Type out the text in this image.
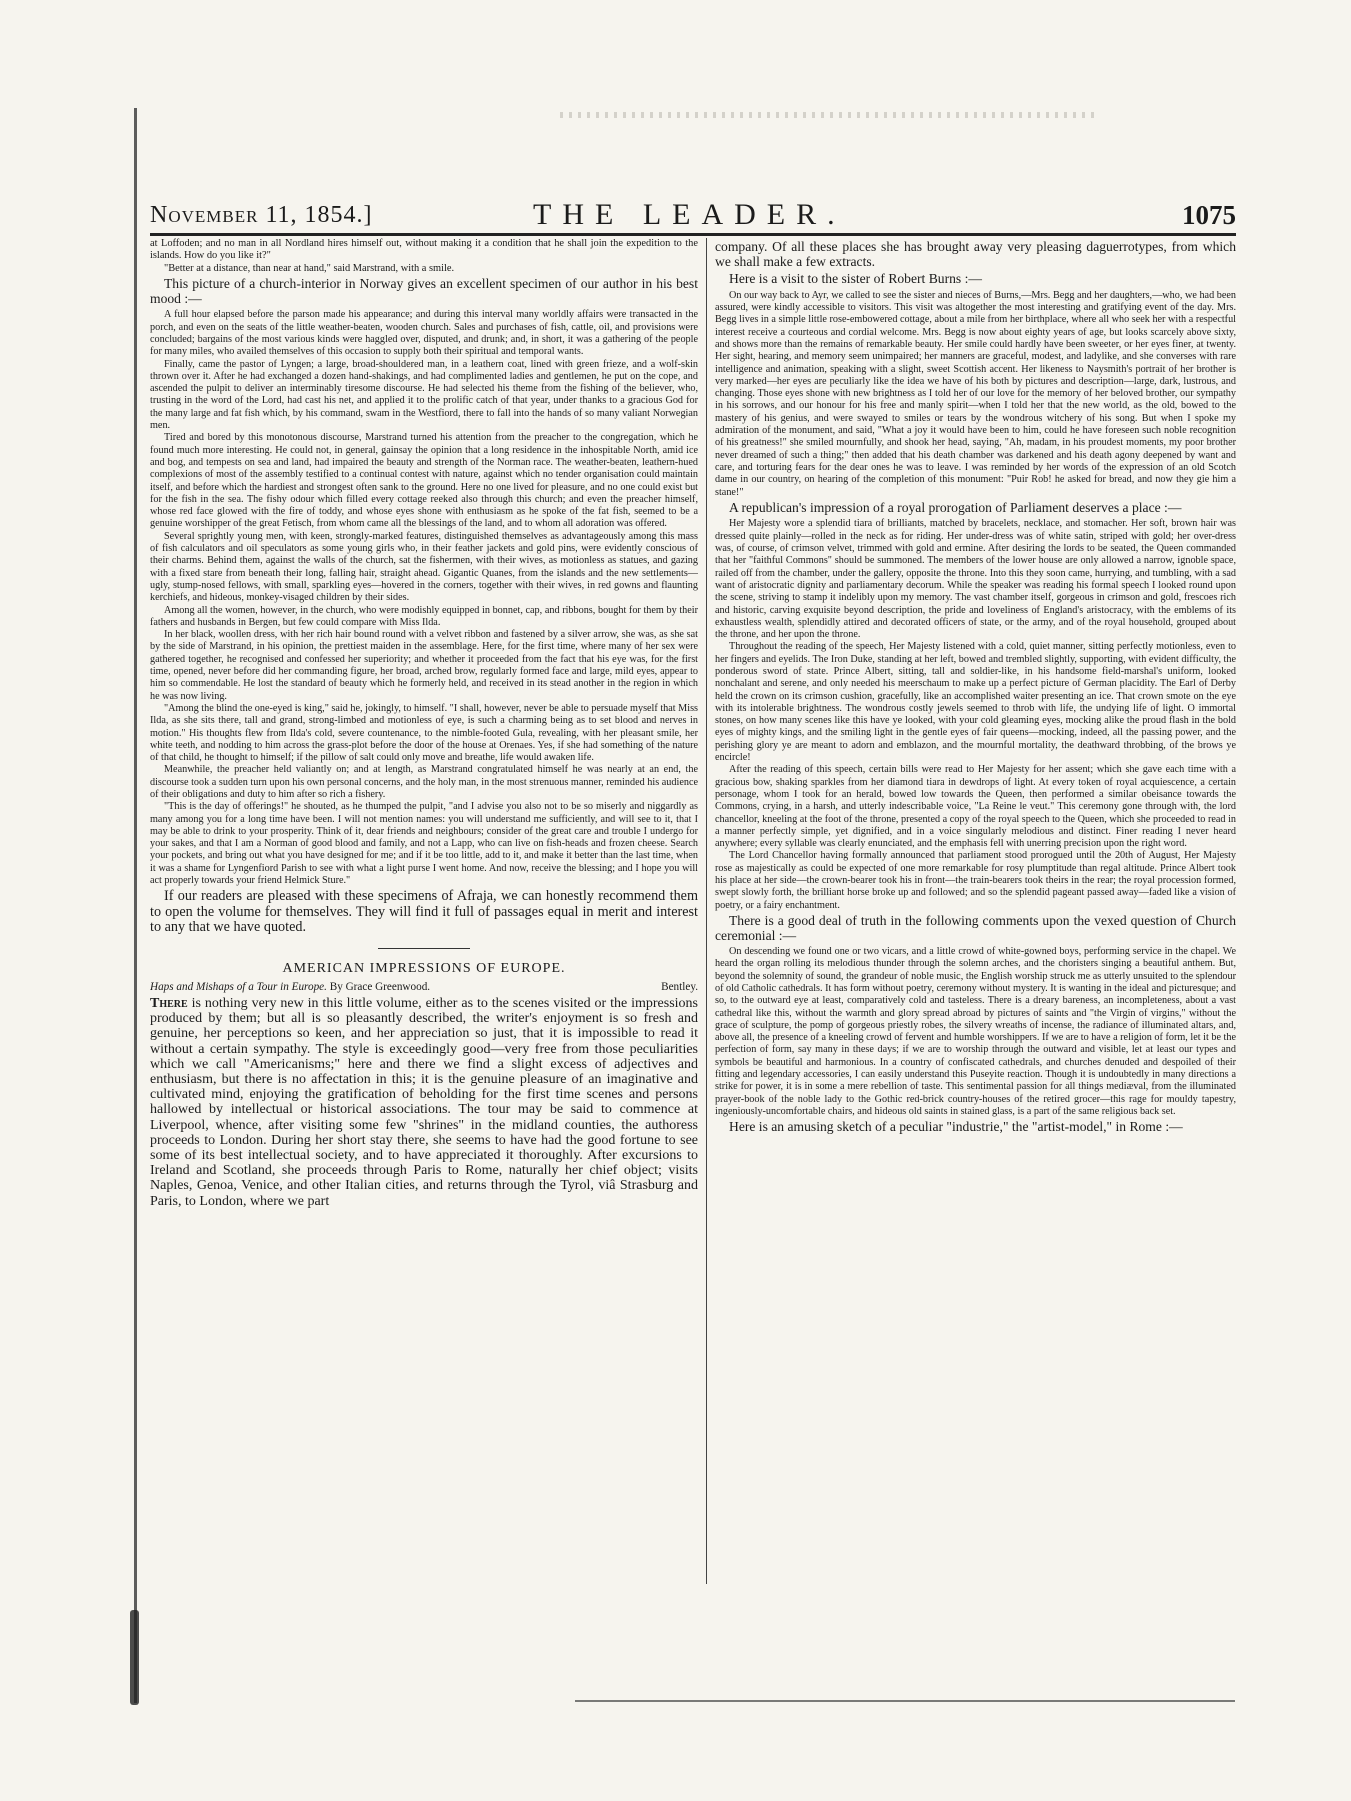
November 11, 1854.]	THE LEADER.	1075

at Loffoden; and no man in all Nordland hires himself out, without making it a condition that he shall join the expedition to the islands. How do you like it?"

"Better at a distance, than near at hand," said Marstrand, with a smile.

This picture of a church-interior in Norway gives an excellent specimen of our author in his best mood :—

A full hour elapsed before the parson made his appearance; and during this interval many worldly affairs were transacted in the porch, and even on the seats of the little weather-beaten, wooden church. Sales and purchases of fish, cattle, oil, and provisions were concluded; bargains of the most various kinds were haggled over, disputed, and drunk; and, in short, it was a gathering of the people for many miles, who availed themselves of this occasion to supply both their spiritual and temporal wants.

Finally, came the pastor of Lyngen; a large, broad-shouldered man, in a leathern coat, lined with green frieze, and a wolf-skin thrown over it. After he had exchanged a dozen hand-shakings, and had complimented ladies and gentlemen, he put on the cope, and ascended the pulpit to deliver an interminably tiresome discourse. He had selected his theme from the fishing of the believer, who, trusting in the word of the Lord, had cast his net, and applied it to the prolific catch of that year, under thanks to a gracious God for the many large and fat fish which, by his command, swam in the Westfiord, there to fall into the hands of so many valiant Norwegian men.

Tired and bored by this monotonous discourse, Marstrand turned his attention from the preacher to the congregation, which he found much more interesting. He could not, in general, gainsay the opinion that a long residence in the inhospitable North, amid ice and bog, and tempests on sea and land, had impaired the beauty and strength of the Norman race. The weather-beaten, leathern-hued complexions of most of the assembly testified to a continual contest with nature, against which no tender organisation could maintain itself, and before which the hardiest and strongest often sank to the ground. Here no one lived for pleasure, and no one could exist but for the fish in the sea. The fishy odour which filled every cottage reeked also through this church; and even the preacher himself, whose red face glowed with the fire of toddy, and whose eyes shone with enthusiasm as he spoke of the fat fish, seemed to be a genuine worshipper of the great Fetisch, from whom came all the blessings of the land, and to whom all adoration was offered.

Several sprightly young men, with keen, strongly-marked features, distinguished themselves as advantageously among this mass of fish calculators and oil speculators as some young girls who, in their feather jackets and gold pins, were evidently conscious of their charms. Behind them, against the walls of the church, sat the fishermen, with their wives, as motionless as statues, and gazing with a fixed stare from beneath their long, falling hair, straight ahead. Gigantic Quanes, from the islands and the new settlements—ugly, stump-nosed fellows, with small, sparkling eyes—hovered in the corners, together with their wives, in red gowns and flaunting kerchiefs, and hideous, monkey-visaged children by their sides.

Among all the women, however, in the church, who were modishly equipped in bonnet, cap, and ribbons, bought for them by their fathers and husbands in Bergen, but few could compare with Miss Ilda.

In her black, woollen dress, with her rich hair bound round with a velvet ribbon and fastened by a silver arrow, she was, as she sat by the side of Marstrand, in his opinion, the prettiest maiden in the assemblage. Here, for the first time, where many of her sex were gathered together, he recognised and confessed her superiority; and whether it proceeded from the fact that his eye was, for the first time, opened, never before did her commanding figure, her broad, arched brow, regularly formed face and large, mild eyes, appear to him so commendable. He lost the standard of beauty which he formerly held, and received in its stead another in the region in which he was now living.

"Among the blind the one-eyed is king," said he, jokingly, to himself. "I shall, however, never be able to persuade myself that Miss Ilda, as she sits there, tall and grand, strong-limbed and motionless of eye, is such a charming being as to set blood and nerves in motion." His thoughts flew from Ilda's cold, severe countenance, to the nimble-footed Gula, revealing, with her pleasant smile, her white teeth, and nodding to him across the grass-plot before the door of the house at Orenaes. Yes, if she had something of the nature of that child, he thought to himself; if the pillow of salt could only move and breathe, life would awaken life.

Meanwhile, the preacher held valiantly on; and at length, as Marstrand congratulated himself he was nearly at an end, the discourse took a sudden turn upon his own personal concerns, and the holy man, in the most strenuous manner, reminded his audience of their obligations and duty to him after so rich a fishery.

"This is the day of offerings!" he shouted, as he thumped the pulpit, "and I advise you also not to be so miserly and niggardly as many among you for a long time have been. I will not mention names: you will understand me sufficiently, and will see to it, that I may be able to drink to your prosperity. Think of it, dear friends and neighbours; consider of the great care and trouble I undergo for your sakes, and that I am a Norman of good blood and family, and not a Lapp, who can live on fish-heads and frozen cheese. Search your pockets, and bring out what you have designed for me; and if it be too little, add to it, and make it better than the last time, when it was a shame for Lyngenfiord Parish to see with what a light purse I went home. And now, receive the blessing; and I hope you will act properly towards your friend Helmick Sture."

If our readers are pleased with these specimens of Afraja, we can honestly recommend them to open the volume for themselves. They will find it full of passages equal in merit and interest to any that we have quoted.

AMERICAN IMPRESSIONS OF EUROPE.
Haps and Mishaps of a Tour in Europe. By Grace Greenwood.	Bentley.

There is nothing very new in this little volume, either as to the scenes visited or the impressions produced by them; but all is so pleasantly described, the writer's enjoyment is so fresh and genuine, her perceptions so keen, and her appreciation so just, that it is impossible to read it without a certain sympathy. The style is exceedingly good—very free from those peculiarities which we call "Americanisms;" here and there we find a slight excess of adjectives and enthusiasm, but there is no affectation in this; it is the genuine pleasure of an imaginative and cultivated mind, enjoying the gratification of beholding for the first time scenes and persons hallowed by intellectual or historical associations. The tour may be said to commence at Liverpool, whence, after visiting some few "shrines" in the midland counties, the authoress proceeds to London. During her short stay there, she seems to have had the good fortune to see some of its best intellectual society, and to have appreciated it thoroughly. After excursions to Ireland and Scotland, she proceeds through Paris to Rome, naturally her chief object; visits Naples, Genoa, Venice, and other Italian cities, and returns through the Tyrol, viâ Strasburg and Paris, to London, where we part

company. Of all these places she has brought away very pleasing daguerrotypes, from which we shall make a few extracts.

Here is a visit to the sister of Robert Burns :—

On our way back to Ayr, we called to see the sister and nieces of Burns,—Mrs. Begg and her daughters,—who, we had been assured, were kindly accessible to visitors. This visit was altogether the most interesting and gratifying event of the day. Mrs. Begg lives in a simple little rose-embowered cottage, about a mile from her birthplace, where all who seek her with a respectful interest receive a courteous and cordial welcome. Mrs. Begg is now about eighty years of age, but looks scarcely above sixty, and shows more than the remains of remarkable beauty. Her smile could hardly have been sweeter, or her eyes finer, at twenty. Her sight, hearing, and memory seem unimpaired; her manners are graceful, modest, and ladylike, and she converses with rare intelligence and animation, speaking with a slight, sweet Scottish accent. Her likeness to Naysmith's portrait of her brother is very marked—her eyes are peculiarly like the idea we have of his both by pictures and description—large, dark, lustrous, and changing. Those eyes shone with new brightness as I told her of our love for the memory of her beloved brother, our sympathy in his sorrows, and our honour for his free and manly spirit—when I told her that the new world, as the old, bowed to the mastery of his genius, and were swayed to smiles or tears by the wondrous witchery of his song. But when I spoke my admiration of the monument, and said, "What a joy it would have been to him, could he have foreseen such noble recognition of his greatness!" she smiled mournfully, and shook her head, saying, "Ah, madam, in his proudest moments, my poor brother never dreamed of such a thing;" then added that his death chamber was darkened and his death agony deepened by want and care, and torturing fears for the dear ones he was to leave. I was reminded by her words of the expression of an old Scotch dame in our country, on hearing of the completion of this monument: "Puir Rob! he asked for bread, and now they gie him a stane!"

A republican's impression of a royal prorogation of Parliament deserves a place :—

Her Majesty wore a splendid tiara of brilliants, matched by bracelets, necklace, and stomacher. Her soft, brown hair was dressed quite plainly—rolled in the neck as for riding. Her under-dress was of white satin, striped with gold; her over-dress was, of course, of crimson velvet, trimmed with gold and ermine. After desiring the lords to be seated, the Queen commanded that her "faithful Commons" should be summoned. The members of the lower house are only allowed a narrow, ignoble space, railed off from the chamber, under the gallery, opposite the throne. Into this they soon came, hurrying, and tumbling, with a sad want of aristocratic dignity and parliamentary decorum. While the speaker was reading his formal speech I looked round upon the scene, striving to stamp it indelibly upon my memory. The vast chamber itself, gorgeous in crimson and gold, frescoes rich and historic, carving exquisite beyond description, the pride and loveliness of England's aristocracy, with the emblems of its exhaustless wealth, splendidly attired and decorated officers of state, or the army, and of the royal household, grouped about the throne, and her upon the throne.

Throughout the reading of the speech, Her Majesty listened with a cold, quiet manner, sitting perfectly motionless, even to her fingers and eyelids. The Iron Duke, standing at her left, bowed and trembled slightly, supporting, with evident difficulty, the ponderous sword of state. Prince Albert, sitting, tall and soldier-like, in his handsome field-marshal's uniform, looked nonchalant and serene, and only needed his meerschaum to make up a perfect picture of German placidity. The Earl of Derby held the crown on its crimson cushion, gracefully, like an accomplished waiter presenting an ice. That crown smote on the eye with its intolerable brightness. The wondrous costly jewels seemed to throb with life, the undying life of light. O immortal stones, on how many scenes like this have ye looked, with your cold gleaming eyes, mocking alike the proud flash in the bold eyes of mighty kings, and the smiling light in the gentle eyes of fair queens—mocking, indeed, all the passing power, and the perishing glory ye are meant to adorn and emblazon, and the mournful mortality, the deathward throbbing, of the brows ye encircle!

After the reading of this speech, certain bills were read to Her Majesty for her assent; which she gave each time with a gracious bow, shaking sparkles from her diamond tiara in dewdrops of light. At every token of royal acquiescence, a certain personage, whom I took for an herald, bowed low towards the Queen, then performed a similar obeisance towards the Commons, crying, in a harsh, and utterly indescribable voice, "La Reine le veut." This ceremony gone through with, the lord chancellor, kneeling at the foot of the throne, presented a copy of the royal speech to the Queen, which she proceeded to read in a manner perfectly simple, yet dignified, and in a voice singularly melodious and distinct. Finer reading I never heard anywhere; every syllable was clearly enunciated, and the emphasis fell with unerring precision upon the right word.

The Lord Chancellor having formally announced that parliament stood prorogued until the 20th of August, Her Majesty rose as majestically as could be expected of one more remarkable for rosy plumptitude than regal altitude. Prince Albert took his place at her side—the crown-bearer took his in front—the train-bearers took theirs in the rear; the royal procession formed, swept slowly forth, the brilliant horse broke up and followed; and so the splendid pageant passed away—faded like a vision of poetry, or a fairy enchantment.

There is a good deal of truth in the following comments upon the vexed question of Church ceremonial :—

On descending we found one or two vicars, and a little crowd of white-gowned boys, performing service in the chapel. We heard the organ rolling its melodious thunder through the solemn arches, and the choristers singing a beautiful anthem. But, beyond the solemnity of sound, the grandeur of noble music, the English worship struck me as utterly unsuited to the splendour of old Catholic cathedrals. It has form without poetry, ceremony without mystery. It is wanting in the ideal and picturesque; and so, to the outward eye at least, comparatively cold and tasteless. There is a dreary bareness, an incompleteness, about a vast cathedral like this, without the warmth and glory spread abroad by pictures of saints and "the Virgin of virgins," without the grace of sculpture, the pomp of gorgeous priestly robes, the silvery wreaths of incense, the radiance of illuminated altars, and, above all, the presence of a kneeling crowd of fervent and humble worshippers. If we are to have a religion of form, let it be the perfection of form, say many in these days; if we are to worship through the outward and visible, let at least our types and symbols be beautiful and harmonious. In a country of confiscated cathedrals, and churches denuded and despoiled of their fitting and legendary accessories, I can easily understand this Puseyite reaction. Though it is undoubtedly in many directions a strike for power, it is in some a mere rebellion of taste. This sentimental passion for all things mediæval, from the illuminated prayer-book of the noble lady to the Gothic red-brick country-houses of the retired grocer—this rage for mouldy tapestry, ingeniously-uncomfortable chairs, and hideous old saints in stained glass, is a part of the same religious back set.

Here is an amusing sketch of a peculiar "industrie," the "artist-model," in Rome :—
